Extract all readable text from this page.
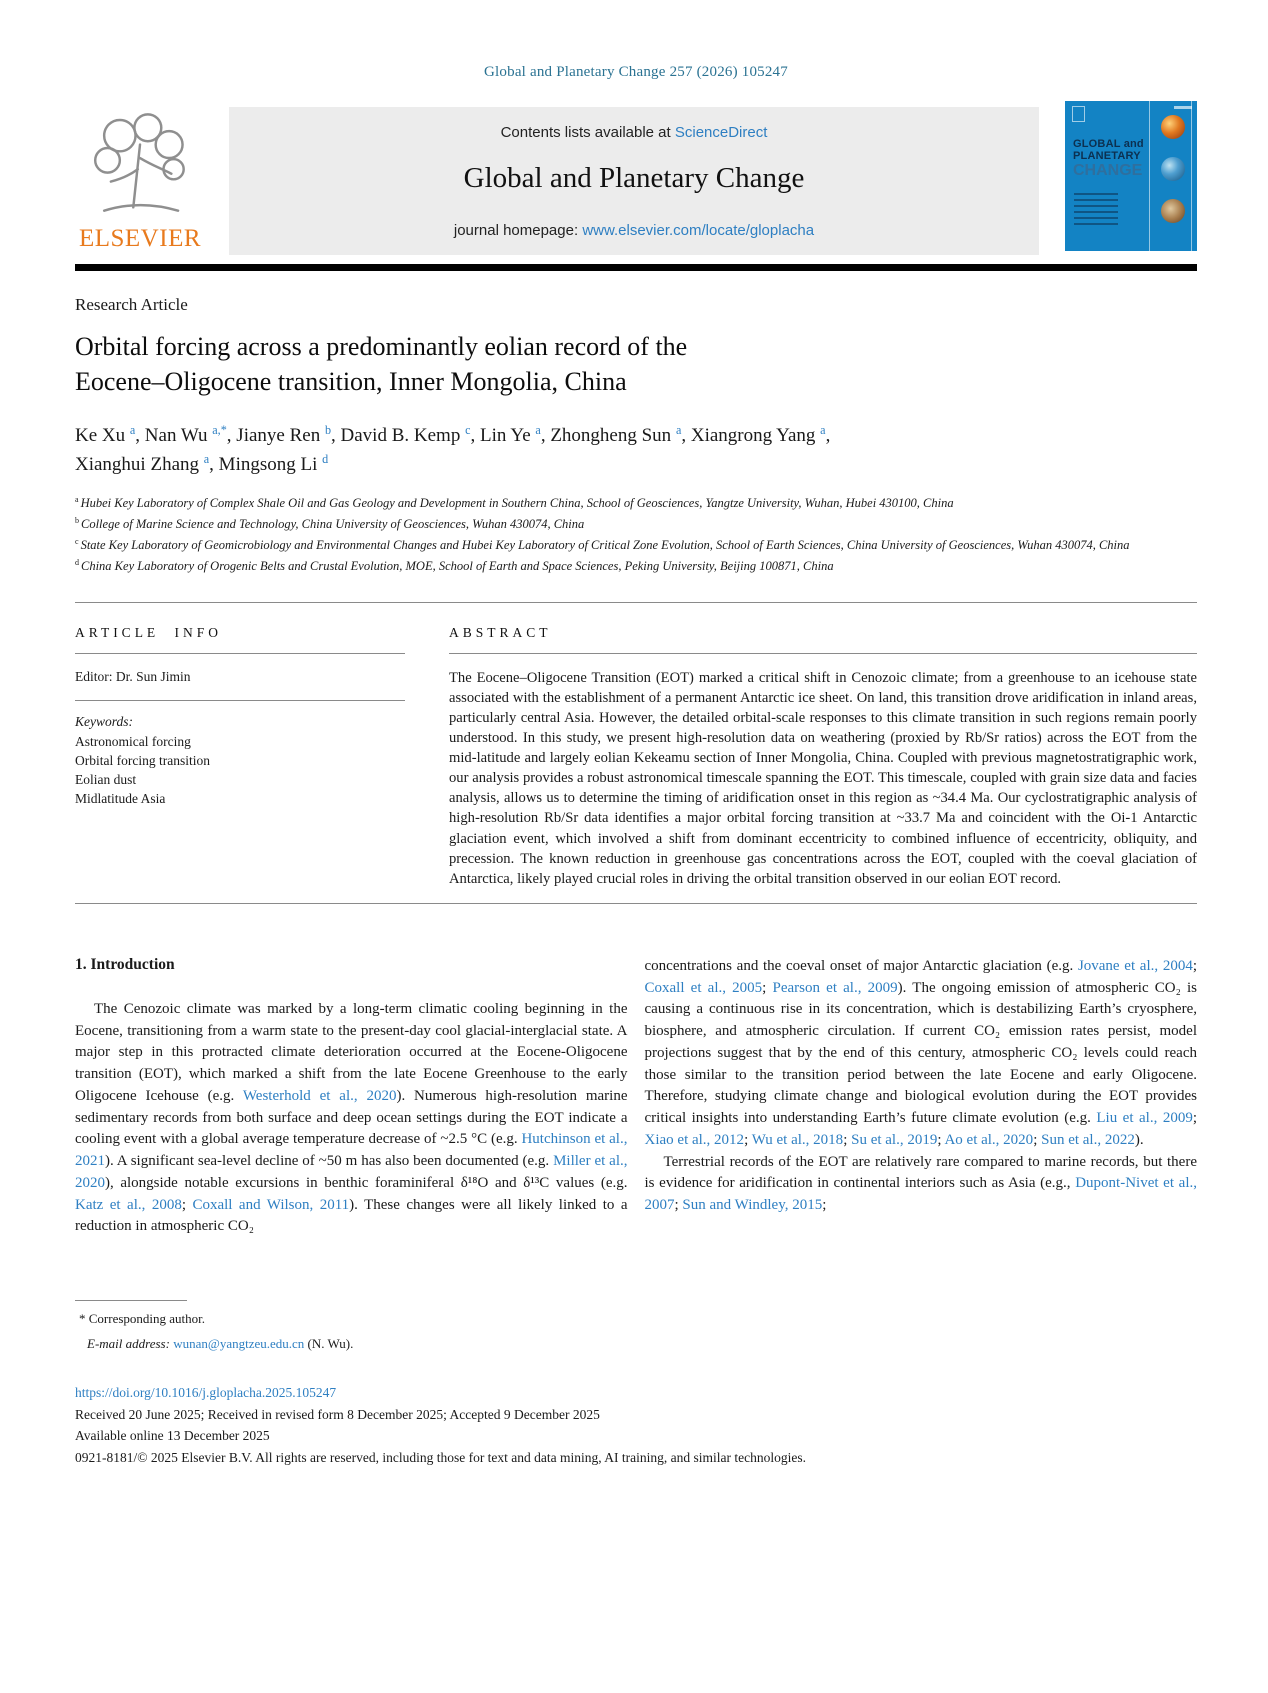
Global and Planetary Change 257 (2026) 105247
ELSEVIER
Contents lists available at ScienceDirect
Global and Planetary Change
journal homepage: www.elsevier.com/locate/gloplacha
GLOBAL and
PLANETARY
CHANGE
Research Article
Orbital forcing across a predominantly eolian record of the
Eocene–Oligocene transition, Inner Mongolia, China
Ke Xu $^a$, Nan Wu $^{a,*}$, Jianye Ren $^b$, David B. Kemp $^c$, Lin Ye $^a$, Zhongheng Sun $^a$, Xiangrong Yang $^a$,
Xianghui Zhang $^a$, Mingsong Li $^d$
$^a$ Hubei Key Laboratory of Complex Shale Oil and Gas Geology and Development in Southern China, School of Geosciences, Yangtze University, Wuhan, Hubei 430100, China
$^b$ College of Marine Science and Technology, China University of Geosciences, Wuhan 430074, China
$^c$ State Key Laboratory of Geomicrobiology and Environmental Changes and Hubei Key Laboratory of Critical Zone Evolution, School of Earth Sciences, China University of Geosciences, Wuhan 430074, China
$^d$ China Key Laboratory of Orogenic Belts and Crustal Evolution, MOE, School of Earth and Space Sciences, Peking University, Beijing 100871, China
ARTICLE INFO
Editor: Dr. Sun Jimin
Keywords:
Astronomical forcing
Orbital forcing transition
Eolian dust
Midlatitude Asia
ABSTRACT
The Eocene–Oligocene Transition (EOT) marked a critical shift in Cenozoic climate; from a greenhouse to an icehouse state associated with the establishment of a permanent Antarctic ice sheet. On land, this transition drove aridification in inland areas, particularly central Asia. However, the detailed orbital-scale responses to this climate transition in such regions remain poorly understood. In this study, we present high-resolution data on weathering (proxied by Rb/Sr ratios) across the EOT from the mid-latitude and largely eolian Kekeamu section of Inner Mongolia, China. Coupled with previous magnetostratigraphic work, our analysis provides a robust astronomical timescale spanning the EOT. This timescale, coupled with grain size data and facies analysis, allows us to determine the timing of aridification onset in this region as ~34.4 Ma. Our cyclostratigraphic analysis of high-resolution Rb/Sr data identifies a major orbital forcing transition at ~33.7 Ma and coincident with the Oi-1 Antarctic glaciation event, which involved a shift from dominant eccentricity to combined influence of eccentricity, obliquity, and precession. The known reduction in greenhouse gas concentrations across the EOT, coupled with the coeval glaciation of Antarctica, likely played crucial roles in driving the orbital transition observed in our eolian EOT record.
1. Introduction

The Cenozoic climate was marked by a long-term climatic cooling beginning in the Eocene, transitioning from a warm state to the present-day cool glacial-interglacial state. A major step in this protracted climate deterioration occurred at the Eocene-Oligocene transition (EOT), which marked a shift from the late Eocene Greenhouse to the early Oligocene Icehouse (e.g. Westerhold et al., 2020). Numerous high-resolution marine sedimentary records from both surface and deep ocean settings during the EOT indicate a cooling event with a global average temperature decrease of ~2.5 °C (e.g. Hutchinson et al., 2021). A significant sea-level decline of ~50 m has also been documented (e.g. Miller et al., 2020), alongside notable excursions in benthic foraminiferal δ¹⁸O and δ¹³C values (e.g. Katz et al., 2008; Coxall and Wilson, 2011). These changes were all likely linked to a reduction in atmospheric CO₂

concentrations and the coeval onset of major Antarctic glaciation (e.g. Jovane et al., 2004; Coxall et al., 2005; Pearson et al., 2009). The ongoing emission of atmospheric CO₂ is causing a continuous rise in its concentration, which is destabilizing Earth’s cryosphere, biosphere, and atmospheric circulation. If current CO₂ emission rates persist, model projections suggest that by the end of this century, atmospheric CO₂ levels could reach those similar to the transition period between the late Eocene and early Oligocene. Therefore, studying climate change and biological evolution during the EOT provides critical insights into understanding Earth’s future climate evolution (e.g. Liu et al., 2009; Xiao et al., 2012; Wu et al., 2018; Su et al., 2019; Ao et al., 2020; Sun et al., 2022).

Terrestrial records of the EOT are relatively rare compared to marine records, but there is evidence for aridification in continental interiors such as Asia (e.g., Dupont-Nivet et al., 2007; Sun and Windley, 2015;

* Corresponding author.
E-mail address: wunan@yangtzeu.edu.cn (N. Wu).
https://doi.org/10.1016/j.gloplacha.2025.105247
Received 20 June 2025; Received in revised form 8 December 2025; Accepted 9 December 2025
Available online 13 December 2025
0921-8181/© 2025 Elsevier B.V. All rights are reserved, including those for text and data mining, AI training, and similar technologies.
